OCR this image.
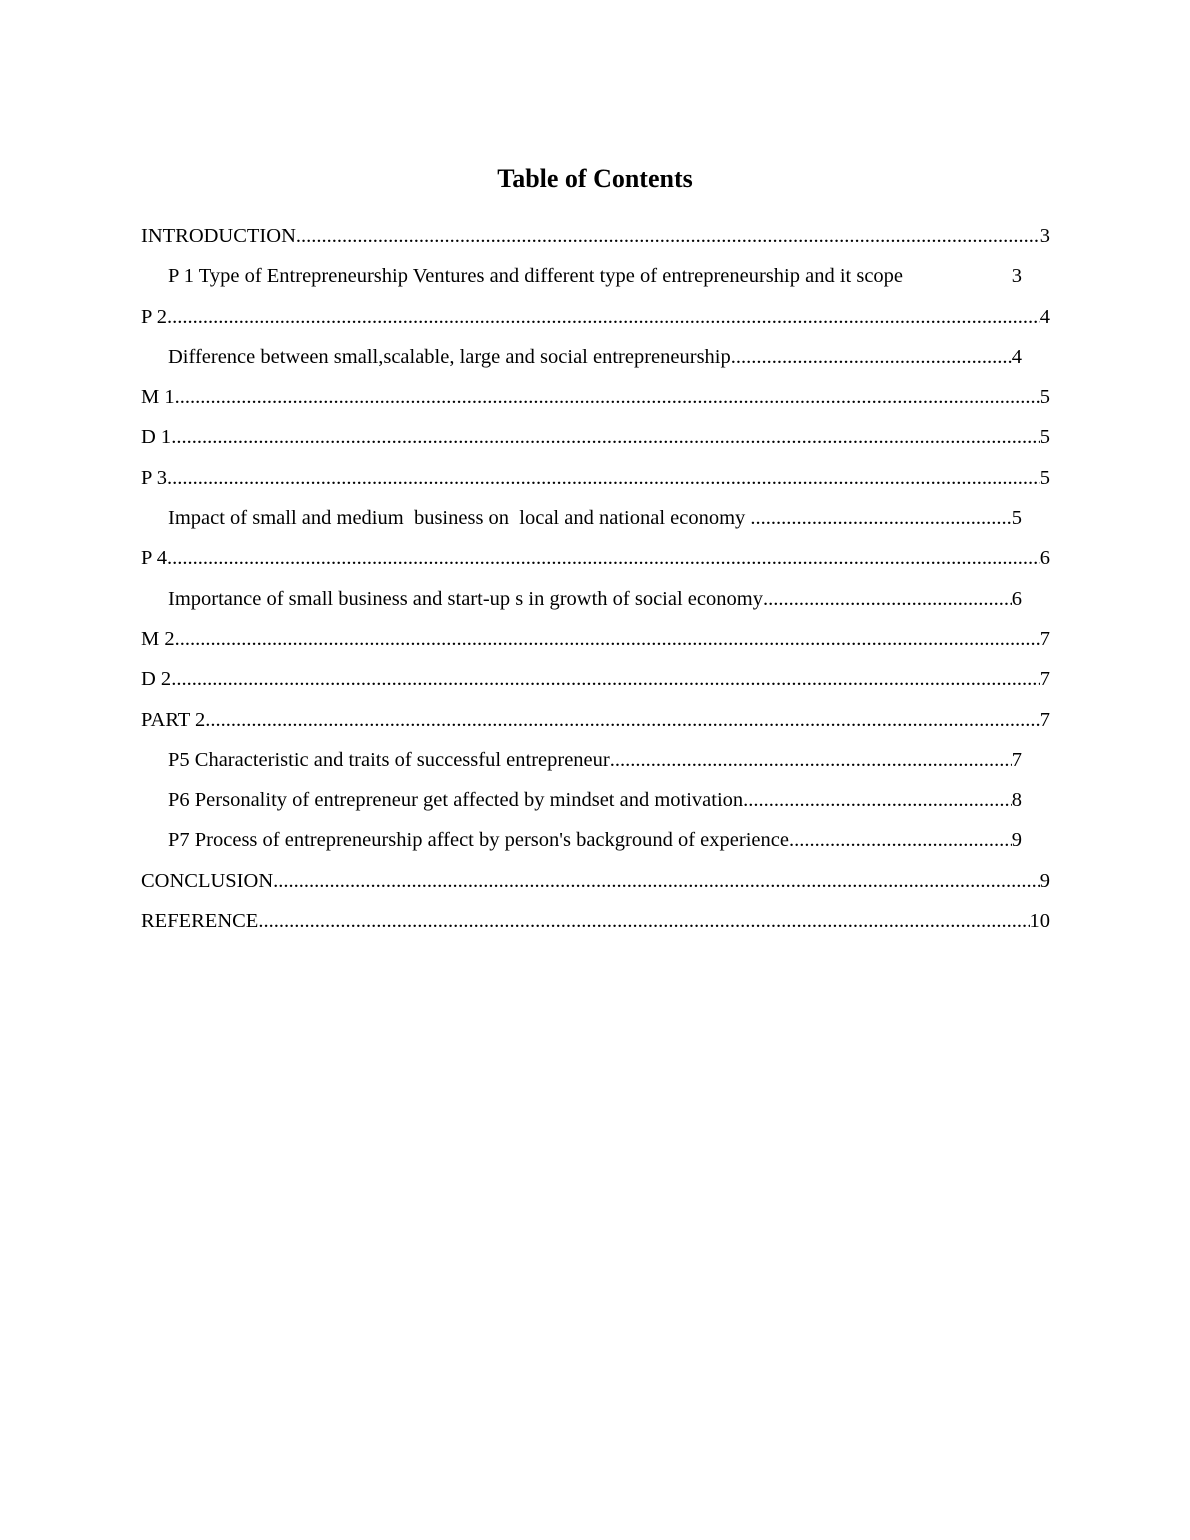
Table of Contents
INTRODUCTION .....	3
P 1 Type of Entrepreneurship Ventures and different type of entrepreneurship and it scope	3
P 2 .....	4
Difference between small,scalable, large and social entrepreneurship .....	4
M 1 .....	5
D 1 .....	5
P 3 .....	5
Impact of small and medium  business on  local and national economy .....	5
P 4 .....	6
Importance of small business and start-up s in growth of social economy .....	6
M 2 .....	7
D 2 .....	7
PART 2 .....	7
P5 Characteristic and traits of successful entrepreneur .....	7
P6 Personality of entrepreneur get affected by mindset and motivation .....	8
P7 Process of entrepreneurship affect by person's background of experience .....	9
CONCLUSION .....	9
REFERENCE .....	10
